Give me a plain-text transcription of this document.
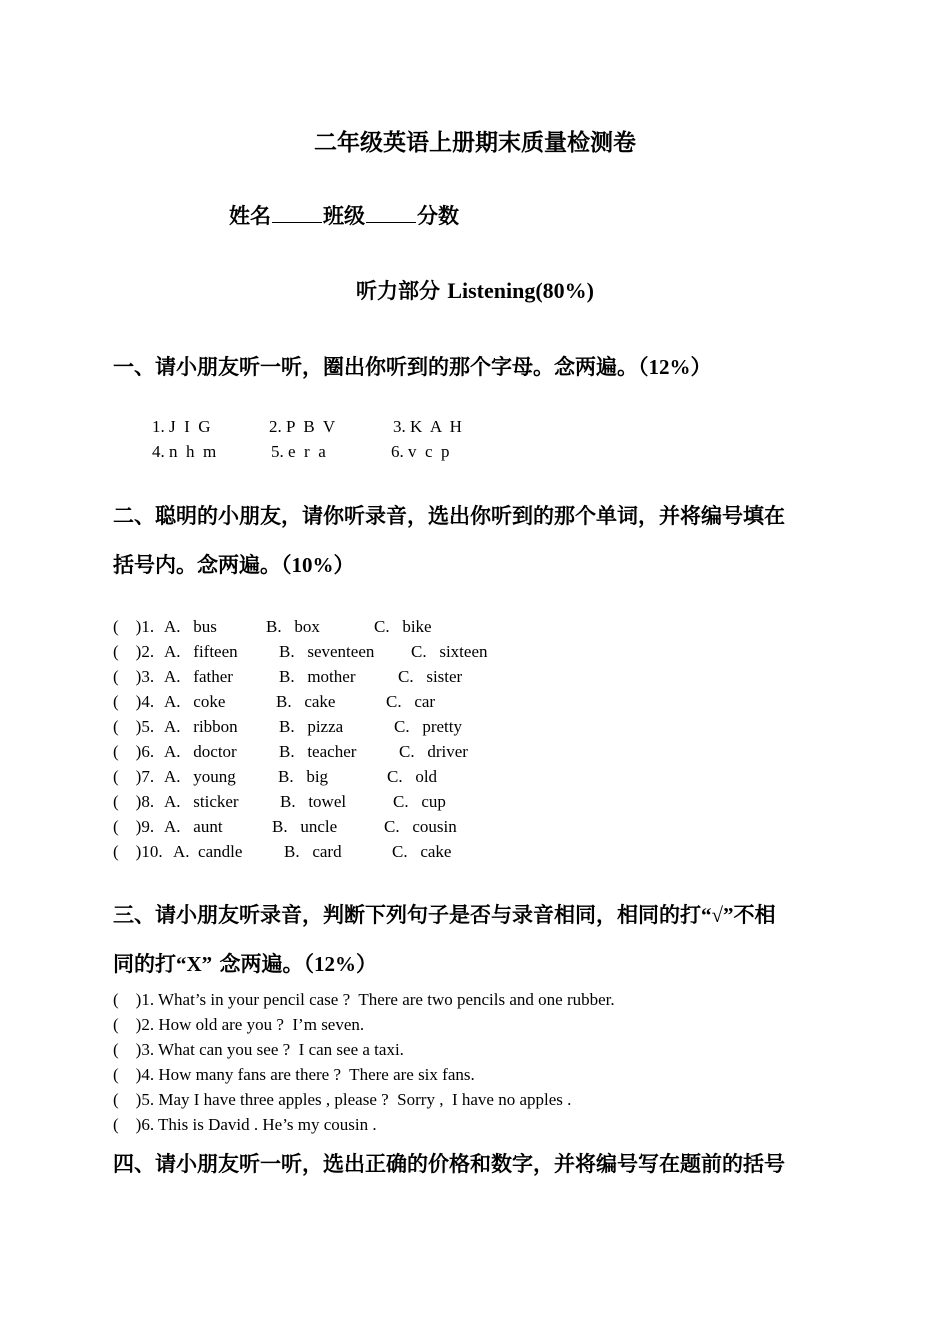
二年级英语上册期末质量检测卷
姓名 班级 分数
听力部分 Listening(80%)
一、请小朋友听一听，圈出你听到的那个字母。念两遍。（12%）
1. J  I  G	2. P  B  V	3. K  A  H
4. n  h  m	5. e  r  a	6. v  c  p
二、聪明的小朋友，请你听录音，选出你听到的那个单词，并将编号填在
括号内。念两遍。（10%）
(    )1. A.   bus	B.   box	C.   bike
(    )2. A.   fifteen B.   seventeen C.   sixteen
(    )3. A.   father	B.   mother	C.   sister
(    )4. A.   coke	B.   cake	C.   car
(    )5. A.   ribbon B.   pizza	C.   pretty
(    )6. A.   doctor B.   teacher	C.   driver
(    )7. A.   young B.   big	C.   old
(    )8. A.   sticker B.   towel	C.   cup
(    )9. A.   aunt	B.   uncle	C.   cousin
(    )10. A.  candle B.   card	C.   cake
三、请小朋友听录音，判断下列句子是否与录音相同，相同的打“√”不相
同的打“X” 念两遍。（12%）
(    )1. What’s in your pencil case ?  There are two pencils and one rubber.
(    )2. How old are you ?  I’m seven.
(    )3. What can you see ?  I can see a taxi.
(    )4. How many fans are there ?  There are six fans.
(    )5. May I have three apples , please ?  Sorry ,  I have no apples .
(    )6. This is David . He’s my cousin .
四、请小朋友听一听，选出正确的价格和数字，并将编号写在题前的括号
